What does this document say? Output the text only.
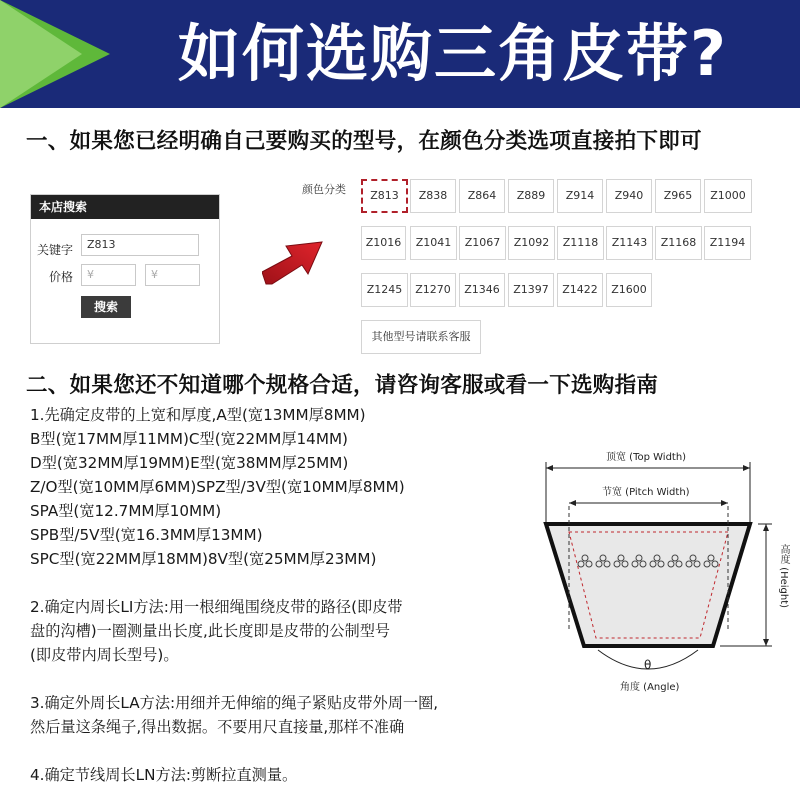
如何选购三角皮带?
一、如果您已经明确自己要购买的型号，在颜色分类选项直接拍下即可
本店搜索
关键字	Z813
价格	¥	¥
搜索
颜色分类	Z813	Z838	Z864	Z889	Z914	Z940	Z965	Z1000
Z1016	Z1041	Z1067	Z1092	Z1118	Z1143	Z1168	Z1194
Z1245	Z1270	Z1346	Z1397	Z1422	Z1600
其他型号请联系客服
二、如果您还不知道哪个规格合适，请咨询客服或看一下选购指南
1.先确定皮带的上宽和厚度,A型(宽13MM厚8MM)
B型(宽17MM厚11MM)C型(宽22MM厚14MM)
D型(宽32MM厚19MM)E型(宽38MM厚25MM)
Z/O型(宽10MM厚6MM)SPZ型/3V型(宽10MM厚8MM)
SPA型(宽12.7MM厚10MM)
SPB型/5V型(宽16.3MM厚13MM)
SPC型(宽22MM厚18MM)8V型(宽25MM厚23MM)
2.确定内周长LI方法:用一根细绳围绕皮带的路径(即皮带
盘的沟槽)一圈测量出长度,此长度即是皮带的公制型号
(即皮带内周长型号)。
3.确定外周长LA方法:用细并无伸缩的绳子紧贴皮带外周一圈,
然后量这条绳子,得出数据。不要用尺直接量,那样不准确
4.确定节线周长LN方法:剪断拉直测量。
顶宽 (Top Width)
节宽 (Pitch Width)
高度 (Height)
θ
角度 (Angle)
